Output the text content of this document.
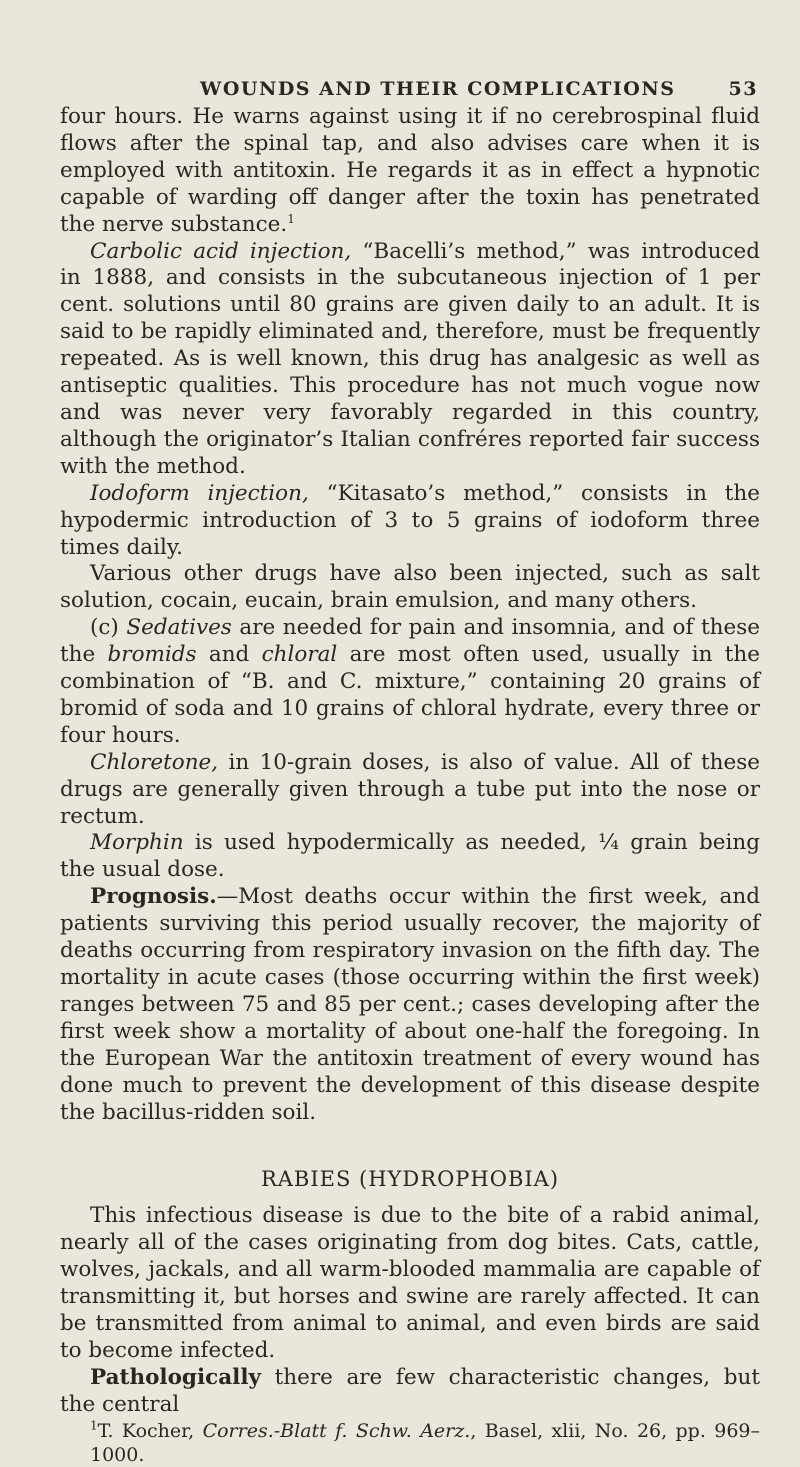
WOUNDS AND THEIR COMPLICATIONS	53

four hours. He warns against using it if no cerebrospinal fluid flows after the spinal tap, and also advises care when it is employed with antitoxin. He regards it as in effect a hypnotic capable of warding off danger after the toxin has penetrated the nerve substance.$^1$

Carbolic acid injection, “Bacelli’s method,” was introduced in 1888, and consists in the subcutaneous injection of 1 per cent. solutions until 80 grains are given daily to an adult. It is said to be rapidly eliminated and, therefore, must be frequently repeated. As is well known, this drug has analgesic as well as antiseptic qualities. This procedure has not much vogue now and was never very favorably regarded in this country, although the originator’s Italian confréres reported fair success with the method.

Iodoform injection, “Kitasato’s method,” consists in the hypodermic introduction of 3 to 5 grains of iodoform three times daily.

Various other drugs have also been injected, such as salt solution, cocain, eucain, brain emulsion, and many others.

(c) Sedatives are needed for pain and insomnia, and of these the bromids and chloral are most often used, usually in the combination of “B. and C. mixture,” containing 20 grains of bromid of soda and 10 grains of chloral hydrate, every three or four hours.

Chloretone, in 10-grain doses, is also of value. All of these drugs are generally given through a tube put into the nose or rectum.

Morphin is used hypodermically as needed, ¼ grain being the usual dose.

Prognosis.—Most deaths occur within the first week, and patients surviving this period usually recover, the majority of deaths occurring from respiratory invasion on the fifth day. The mortality in acute cases (those occurring within the first week) ranges between 75 and 85 per cent.; cases developing after the first week show a mortality of about one-half the foregoing. In the European War the antitoxin treatment of every wound has done much to prevent the development of this disease despite the bacillus-ridden soil.

RABIES (HYDROPHOBIA)

This infectious disease is due to the bite of a rabid animal, nearly all of the cases originating from dog bites. Cats, cattle, wolves, jackals, and all warm-blooded mammalia are capable of transmitting it, but horses and swine are rarely affected. It can be transmitted from animal to animal, and even birds are said to become infected.

Pathologically there are few characteristic changes, but the central

$^1$T. Kocher, Corres.-Blatt f. Schw. Aerz., Basel, xlii, No. 26, pp. 969–1000.
